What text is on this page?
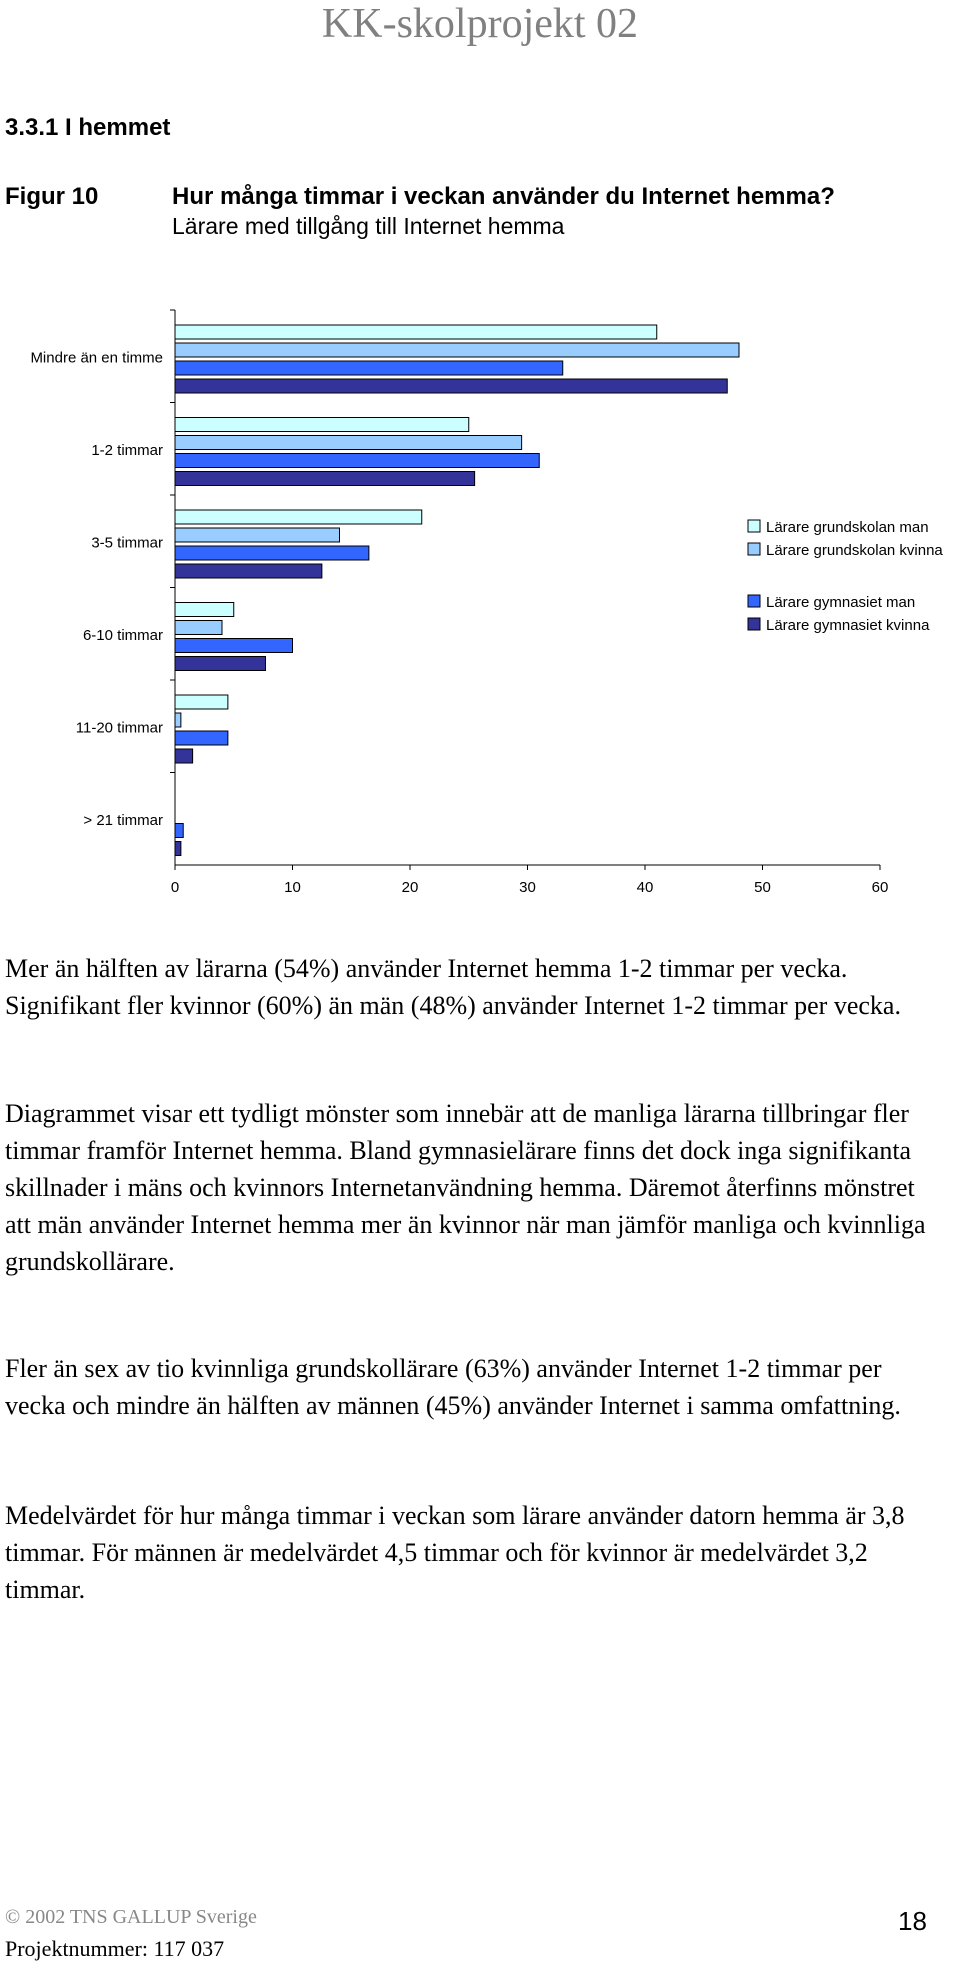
KK-skolprojekt 02
3.3.1 I hemmet
Figur 10	Hur många timmar i veckan använder du Internet hemma?
Lärare med tillgång till Internet hemma
0	10	20	30	40	50	60
Mindre än en timme
1-2 timmar
3-5 timmar
6-10 timmar
11-20 timmar
> 21 timmar
Lärare grundskolan man
Lärare grundskolan kvinna
Lärare gymnasiet man
Lärare gymnasiet kvinna

Mer än hälften av lärarna (54%) använder Internet hemma 1-2 timmar per vecka. Signifikant fler kvinnor (60%) än män (48%) använder Internet 1-2 timmar per vecka.

Diagrammet visar ett tydligt mönster som innebär att de manliga lärarna tillbringar fler timmar framför Internet hemma. Bland gymnasielärare finns det dock inga signifikanta skillnader i mäns och kvinnors Internetanvändning hemma. Däremot återfinns mönstret att män använder Internet hemma mer än kvinnor när man jämför manliga och kvinnliga grundskollärare.

Fler än sex av tio kvinnliga grundskollärare (63%) använder Internet 1-2 timmar per vecka och mindre än hälften av männen (45%) använder Internet i samma omfattning.

Medelvärdet för hur många timmar i veckan som lärare använder datorn hemma är 3,8 timmar. För männen är medelvärdet 4,5 timmar och för kvinnor är medelvärdet 3,2 timmar.

© 2002 TNS GALLUP Sverige
Projektnummer: 117 037
18
